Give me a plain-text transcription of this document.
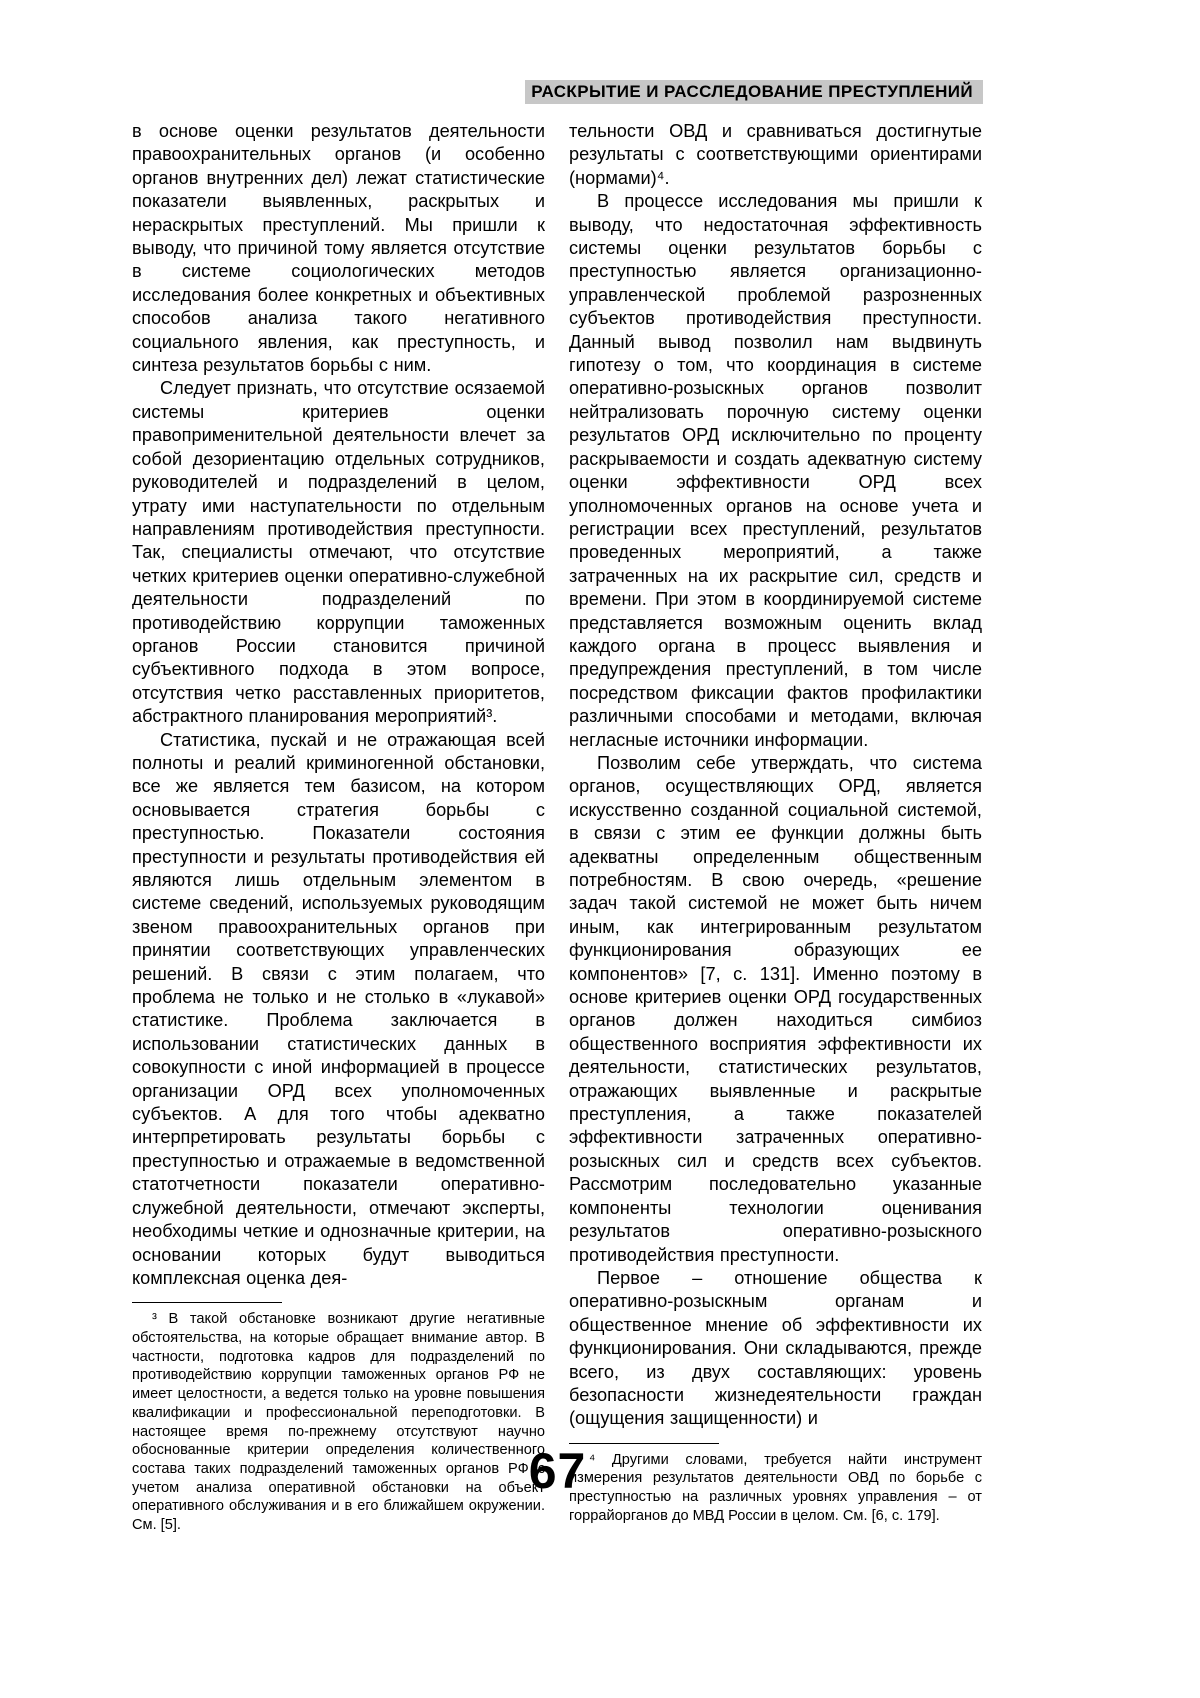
РАСКРЫТИЕ И РАССЛЕДОВАНИЕ ПРЕСТУПЛЕНИЙ

в основе оценки результатов деятельности правоохранительных органов (и особенно органов внутренних дел) лежат статистические показатели выявленных, раскрытых и нераскрытых преступлений. Мы пришли к выводу, что причиной тому является отсутствие в системе социологических методов исследования более конкретных и объективных способов анализа такого негативного социального явления, как преступность, и синтеза результатов борьбы с ним.

Следует признать, что отсутствие осязаемой системы критериев оценки правоприменительной деятельности влечет за собой дезориентацию отдельных сотрудников, руководителей и подразделений в целом, утрату ими наступательности по отдельным направлениям противодействия преступности. Так, специалисты отмечают, что отсутствие четких критериев оценки оперативно-служебной деятельности подразделений по противодействию коррупции таможенных органов России становится причиной субъективного подхода в этом вопросе, отсутствия четко расставленных приоритетов, абстрактного планирования мероприятий³.

Статистика, пускай и не отражающая всей полноты и реалий криминогенной обстановки, все же является тем базисом, на котором основывается стратегия борьбы с преступностью. Показатели состояния преступности и результаты противодействия ей являются лишь отдельным элементом в системе сведений, используемых руководящим звеном правоохранительных органов при принятии соответствующих управленческих решений. В связи с этим полагаем, что проблема не только и не столько в «лукавой» статистике. Проблема заключается в использовании статистических данных в совокупности с иной информацией в процессе организации ОРД всех уполномоченных субъектов. А для того чтобы адекватно интерпретировать результаты борьбы с преступностью и отражаемые в ведомственной статотчетности показатели оперативно-служебной деятельности, отмечают эксперты, необходимы четкие и однозначные критерии, на основании которых будут выводиться комплексная оценка дея-

³ В такой обстановке возникают другие негативные обстоятельства, на которые обращает внимание автор. В частности, подготовка кадров для подразделений по противодействию коррупции таможенных органов РФ не имеет целостности, а ведется только на уровне повышения квалификации и профессиональной переподготовки. В настоящее время по-прежнему отсутствуют научно обоснованные критерии определения количественного состава таких подразделений таможенных органов РФ с учетом анализа оперативной обстановки на объект оперативного обслуживания и в его ближайшем окружении. См. [5].

тельности ОВД и сравниваться достигнутые результаты с соответствующими ориентирами (нормами)⁴.

В процессе исследования мы пришли к выводу, что недостаточная эффективность системы оценки результатов борьбы с преступностью является организационно-управленческой проблемой разрозненных субъектов противодействия преступности. Данный вывод позволил нам выдвинуть гипотезу о том, что координация в системе оперативно-розыскных органов позволит нейтрализовать порочную систему оценки результатов ОРД исключительно по проценту раскрываемости и создать адекватную систему оценки эффективности ОРД всех уполномоченных органов на основе учета и регистрации всех преступлений, результатов проведенных мероприятий, а также затраченных на их раскрытие сил, средств и времени. При этом в координируемой системе представляется возможным оценить вклад каждого органа в процесс выявления и предупреждения преступлений, в том числе посредством фиксации фактов профилактики различными способами и методами, включая негласные источники информации.

Позволим себе утверждать, что система органов, осуществляющих ОРД, является искусственно созданной социальной системой, в связи с этим ее функции должны быть адекватны определенным общественным потребностям. В свою очередь, «решение задач такой системой не может быть ничем иным, как интегрированным результатом функционирования образующих ее компонентов» [7, с. 131]. Именно поэтому в основе критериев оценки ОРД государственных органов должен находиться симбиоз общественного восприятия эффективности их деятельности, статистических результатов, отражающих выявленные и раскрытые преступления, а также показателей эффективности затраченных оперативно-розыскных сил и средств всех субъектов. Рассмотрим последовательно указанные компоненты технологии оценивания результатов оперативно-розыскного противодействия преступности.

Первое – отношение общества к оперативно-розыскным органам и общественное мнение об эффективности их функционирования. Они складываются, прежде всего, из двух составляющих: уровень безопасности жизнедеятельности граждан (ощущения защищенности) и

⁴ Другими словами, требуется найти инструмент измерения результатов деятельности ОВД по борьбе с преступностью на различных уровнях управления – от горрайорганов до МВД России в целом. См. [6, с. 179].

67
